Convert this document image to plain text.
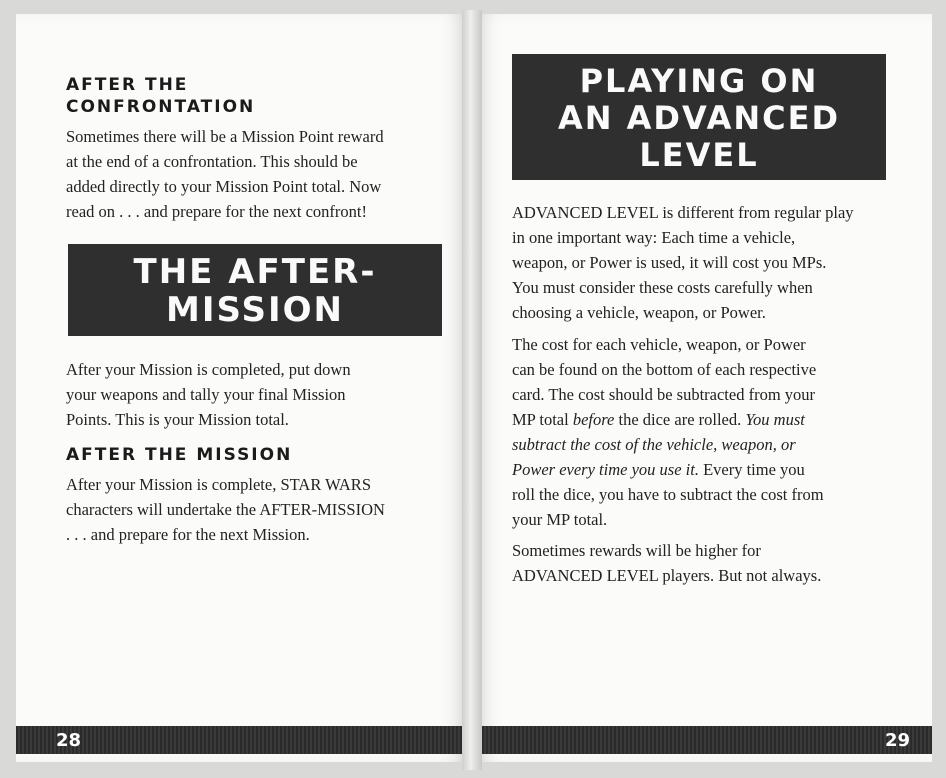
AFTER THE

CONFRONTATION

Sometimes there will be a Mission Point reward

at the end of a confrontation. This should be

added directly to your Mission Point total. Now

read on . . . and prepare for the next confront!

THE AFTER-
MISSION

After your Mission is completed, put down

your weapons and tally your final Mission

Points. This is your Mission total.

AFTER THE MISSION

After your Mission is complete, STAR WARS

characters will undertake the AFTER-MISSION

. . . and prepare for the next Mission.

28
PLAYING ON
AN ADVANCED
LEVEL

ADVANCED LEVEL is different from regular play

in one important way: Each time a vehicle,

weapon, or Power is used, it will cost you MPs.

You must consider these costs carefully when

choosing a vehicle, weapon, or Power.

The cost for each vehicle, weapon, or Power

can be found on the bottom of each respective

card. The cost should be subtracted from your

MP total before the dice are rolled. You must

subtract the cost of the vehicle, weapon, or

Power every time you use it. Every time you

roll the dice, you have to subtract the cost from

your MP total.

Sometimes rewards will be higher for

ADVANCED LEVEL players. But not always.

29
